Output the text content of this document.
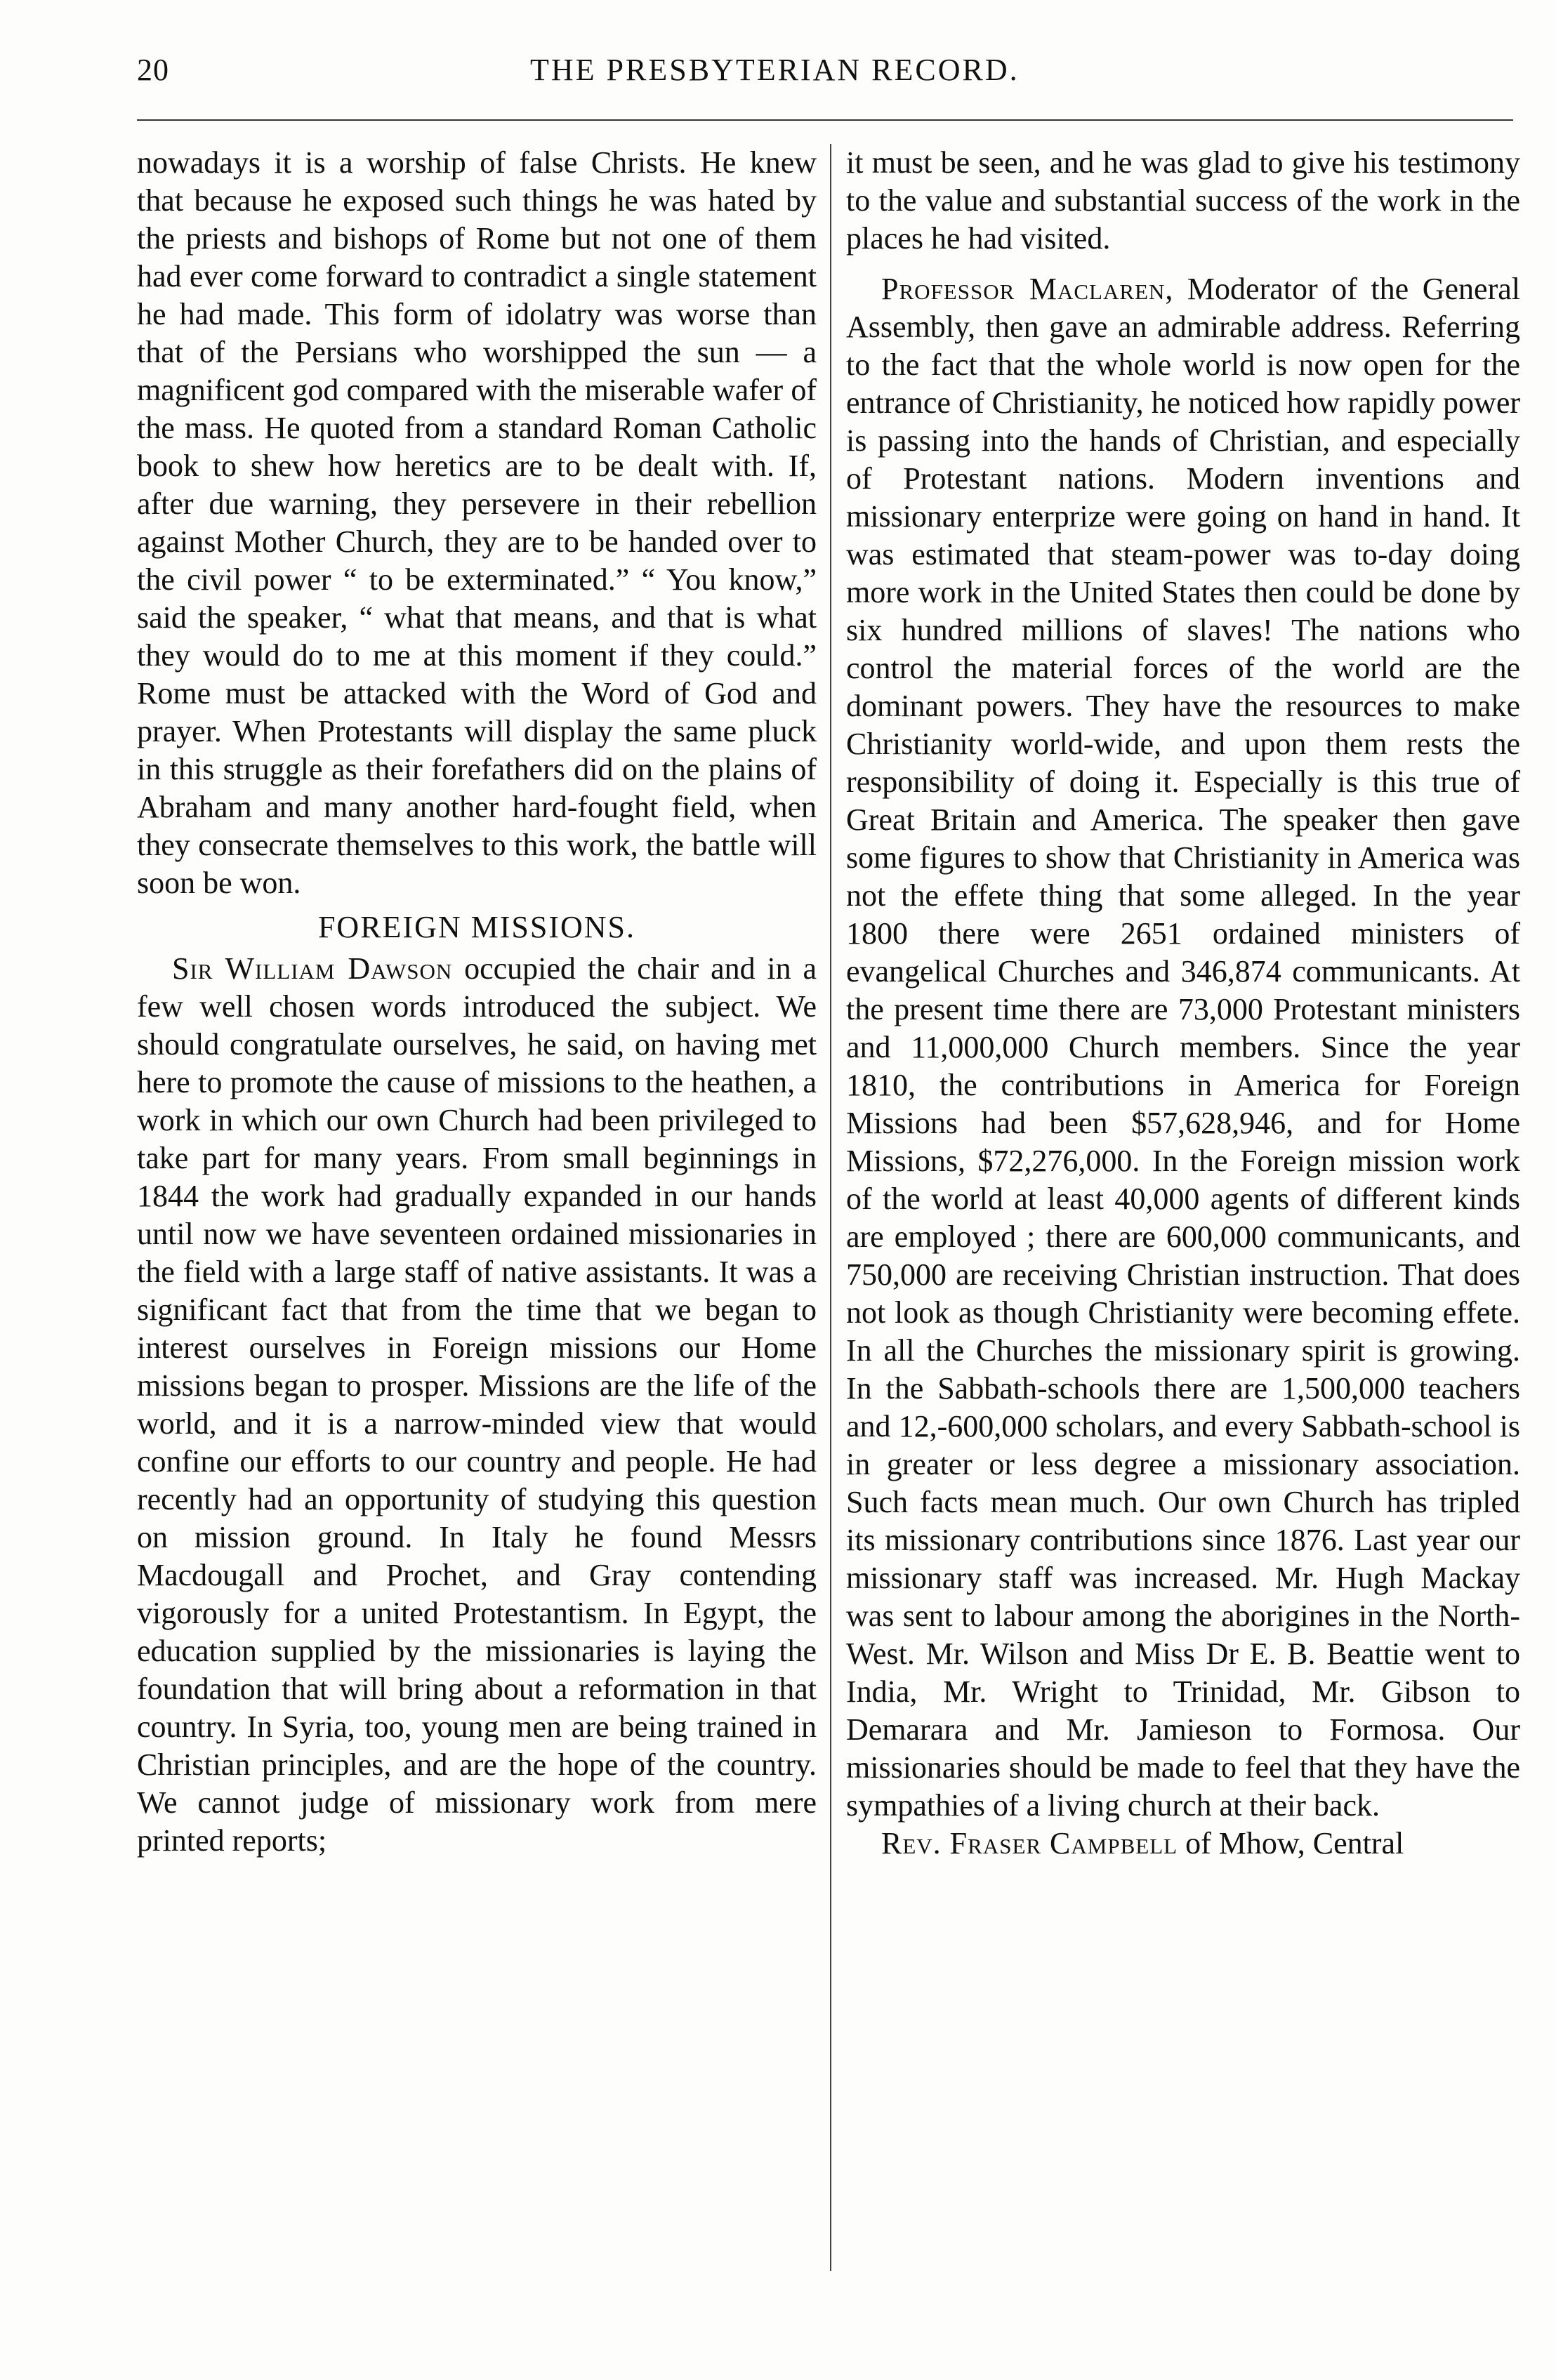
20	THE PRESBYTERIAN RECORD.

nowadays it is a worship of false Christs. He knew that because he exposed such things he was hated by the priests and bishops of Rome but not one of them had ever come forward to contradict a single statement he had made. This form of idolatry was worse than that of the Persians who worshipped the sun — a magnificent god compared with the miserable wafer of the mass. He quoted from a standard Roman Catholic book to shew how heretics are to be dealt with. If, after due warning, they persevere in their rebellion against Mother Church, they are to be handed over to the civil power “ to be exterminated.” “ You know,” said the speaker, “ what that means, and that is what they would do to me at this moment if they could.” Rome must be attacked with the Word of God and prayer. When Protestants will display the same pluck in this struggle as their forefathers did on the plains of Abraham and many another hard-fought field, when they consecrate themselves to this work, the battle will soon be won.

FOREIGN MISSIONS.

Sir William Dawson occupied the chair and in a few well chosen words introduced the subject. We should congratulate ourselves, he said, on having met here to promote the cause of missions to the heathen, a work in which our own Church had been privileged to take part for many years. From small beginnings in 1844 the work had gradually expanded in our hands until now we have seventeen ordained missionaries in the field with a large staff of native assistants. It was a significant fact that from the time that we began to interest ourselves in Foreign missions our Home missions began to prosper. Missions are the life of the world, and it is a narrow-minded view that would confine our efforts to our country and people. He had recently had an opportunity of studying this question on mission ground. In Italy he found Messrs Macdougall and Prochet, and Gray contending vigorously for a united Protestantism. In Egypt, the education supplied by the missionaries is laying the foundation that will bring about a reformation in that country. In Syria, too, young men are being trained in Christian principles, and are the hope of the country. We cannot judge of missionary work from mere printed reports;

it must be seen, and he was glad to give his testimony to the value and substantial success of the work in the places he had visited.

Professor Maclaren, Moderator of the General Assembly, then gave an admirable address. Referring to the fact that the whole world is now open for the entrance of Christianity, he noticed how rapidly power is passing into the hands of Christian, and especially of Protestant nations. Modern inventions and missionary enterprize were going on hand in hand. It was estimated that steam-power was to-day doing more work in the United States then could be done by six hundred millions of slaves! The nations who control the material forces of the world are the dominant powers. They have the resources to make Christianity world-wide, and upon them rests the responsibility of doing it. Especially is this true of Great Britain and America. The speaker then gave some figures to show that Christianity in America was not the effete thing that some alleged. In the year 1800 there were 2651 ordained ministers of evangelical Churches and 346,874 communicants. At the present time there are 73,000 Protestant ministers and 11,000,000 Church members. Since the year 1810, the contributions in America for Foreign Missions had been $57,628,946, and for Home Missions, $72,276,000. In the Foreign mission work of the world at least 40,000 agents of different kinds are employed ; there are 600,000 communicants, and 750,000 are receiving Christian instruction. That does not look as though Christianity were becoming effete. In all the Churches the missionary spirit is growing. In the Sabbath-schools there are 1,500,000 teachers and 12,-600,000 scholars, and every Sabbath-school is in greater or less degree a missionary association. Such facts mean much. Our own Church has tripled its missionary contributions since 1876. Last year our missionary staff was increased. Mr. Hugh Mackay was sent to labour among the aborigines in the North-West. Mr. Wilson and Miss Dr E. B. Beattie went to India, Mr. Wright to Trinidad, Mr. Gibson to Demarara and Mr. Jamieson to Formosa. Our missionaries should be made to feel that they have the sympathies of a living church at their back.

Rev. Fraser Campbell of Mhow, Central
